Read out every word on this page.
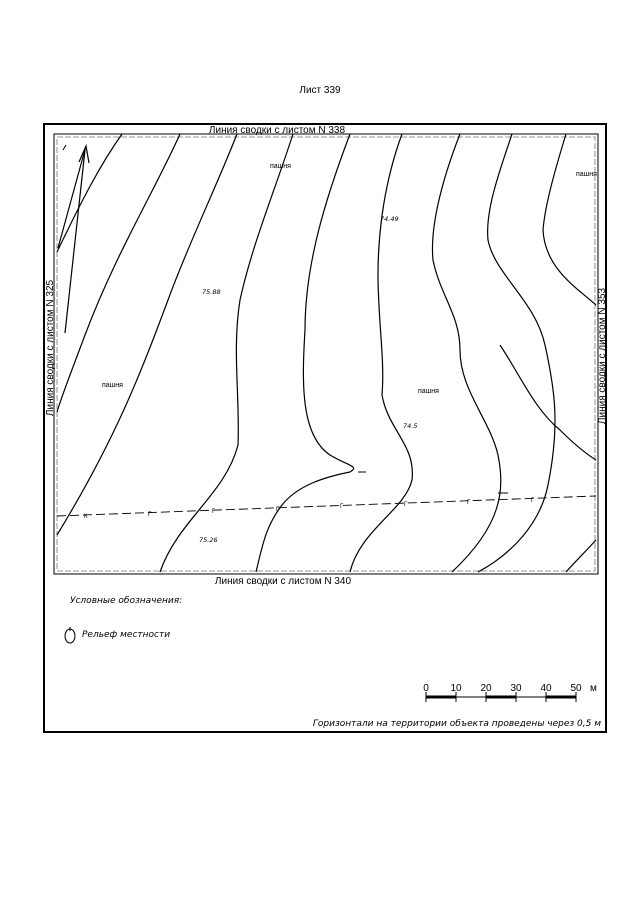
Лист 339
К	Г	Г	Г	Г	Г	Г	Г
Линия сводки с листом N 338
Линия сводки с листом N 340
Линия сводки с листом N 325	Линия сводки с листом N 353
пашня
пашня
пашня
пашня
74.49
75.88
74.5
75.26
Условные обозначения:
Рельеф местности
0 10 20 30 40 50 м
Горизонтали на территории объекта проведены через 0,5 м
